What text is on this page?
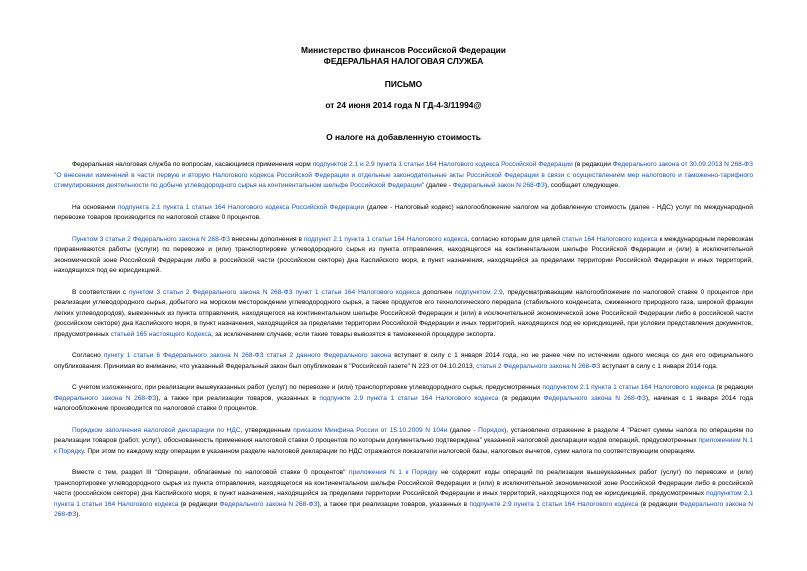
Министерство финансов Российской Федерации
ФЕДЕРАЛЬНАЯ НАЛОГОВАЯ СЛУЖБА
ПИСЬМО
от 24 июня 2014 года N ГД-4-3/11994@
О налоге на добавленную стоимость

Федеральная налоговая служба по вопросам, касающимся применения норм подпунктов 2.1 и 2.9 пункта 1 статьи 164 Налогового кодекса Российской Федерации (в редакции Федерального закона от 30.09.2013 N 268-ФЗ "О внесении изменений в части первую и вторую Налогового кодекса Российской Федерации и отдельные законодательные акты Российской Федерации в связи с осуществлением мер налогового и таможенно-тарифного стимулирования деятельности по добыче углеводородного сырья на континентальном шельфе Российской Федерации" (далее - Федеральный закон N 268-ФЗ), сообщает следующее.

На основании подпункта 2.1 пункта 1 статьи 164 Налогового кодекса Российской Федерации (далее - Налоговый кодекс) налогообложение налогом на добавленную стоимость (далее - НДС) услуг по международной перевозке товаров производится по налоговой ставке 0 процентов.

Пунктом 3 статьи 2 Федерального закона N 268-ФЗ внесены дополнения в подпункт 2.1 пункта 1 статьи 164 Налогового кодекса, согласно которым для целей статьи 164 Налогового кодекса к международным перевозкам приравниваются работы (услуги) по перевозке и (или) транспортировке углеводородного сырья из пункта отправления, находящегося на континентальном шельфе Российской Федерации и (или) в исключительной экономической зоне Российской Федерации либо в российской части (российском секторе) дна Каспийского моря, в пункт назначения, находящийся за пределами территории Российской Федерации и иных территорий, находящихся под ее юрисдикцией.

В соответствии с пунктом 3 статьи 2 Федерального закона N 268-ФЗ пункт 1 статьи 164 Налогового кодекса дополнен подпунктом 2.9, предусматривающим налогообложение по налоговой ставке 0 процентов при реализации углеводородного сырья, добытого на морском месторождении углеводородного сырья, а также продуктов его технологического передела (стабильного конденсата, сжиженного природного газа, широкой фракции легких углеводородов), вывезенных из пункта отправления, находящегося на континентальном шельфе Российской Федерации и (или) в исключительной экономической зоне Российской Федерации либо в российской части (российском секторе) дна Каспийского моря, в пункт назначения, находящийся за пределами территории Российской Федерации и иных территорий, находящихся под ее юрисдикцией, при условии представления документов, предусмотренных статьей 165 настоящего Кодекса, за исключением случаев, если такие товары вывозятся в таможенной процедуре экспорта.

Согласно пункту 1 статьи 6 Федерального закона N 268-ФЗ статья 2 данного Федерального закона вступает в силу с 1 января 2014 года, но не ранее чем по истечении одного месяца со дня его официального опубликования. Принимая во внимание, что указанный Федеральный закон был опубликован в "Российской газете" N 223 от 04.10.2013, статья 2 Федерального закона N 268-ФЗ вступает в силу с 1 января 2014 года.

С учетом изложенного, при реализации вышеуказанных работ (услуг) по перевозке и (или) транспортировке углеводородного сырья, предусмотренных подпунктом 2.1 пункта 1 статьи 164 Налогового кодекса (в редакции Федерального закона N 268-ФЗ), а также при реализации товаров, указанных в подпункте 2.9 пункта 1 статьи 164 Налогового кодекса (в редакции Федерального закона N 268-ФЗ), начиная с 1 января 2014 года налогообложение производится по налоговой ставке 0 процентов.

Порядком заполнения налоговой декларации по НДС, утвержденным приказом Минфина России от 15.10.2009 N 104н (далее - Порядок), установлено отражение в разделе 4 "Расчет суммы налога по операциям по реализации товаров (работ, услуг), обоснованность применения налоговой ставки 0 процентов по которым документально подтверждена" указанной налоговой декларации кодов операций, предусмотренных приложением N 1 к Порядку. При этом по каждому коду операции в указанном разделе налоговой декларации по НДС отражаются показатели налоговой базы, налоговых вычетов, сумм налога по соответствующим операциям.

Вместе с тем, раздел III "Операции, облагаемые по налоговой ставке 0 процентов" приложения N 1 к Порядку не содержит коды операций по реализации вышеуказанных работ (услуг) по перевозке и (или) транспортировке углеводородного сырья из пункта отправления, находящегося на континентальном шельфе Российской Федерации и (или) в исключительной экономической зоне Российской Федерации либо в российской части (российском секторе) дна Каспийского моря, в пункт назначения, находящийся за пределами территории Российской Федерации и иных территорий, находящихся под ее юрисдикцией, предусмотренных подпунктом 2.1 пункта 1 статьи 164 Налогового кодекса (в редакции Федерального закона N 268-ФЗ), а также при реализации товаров, указанных в подпункте 2.9 пункта 1 статьи 164 Налогового кодекса (в редакции Федерального закона N 268-ФЗ).
